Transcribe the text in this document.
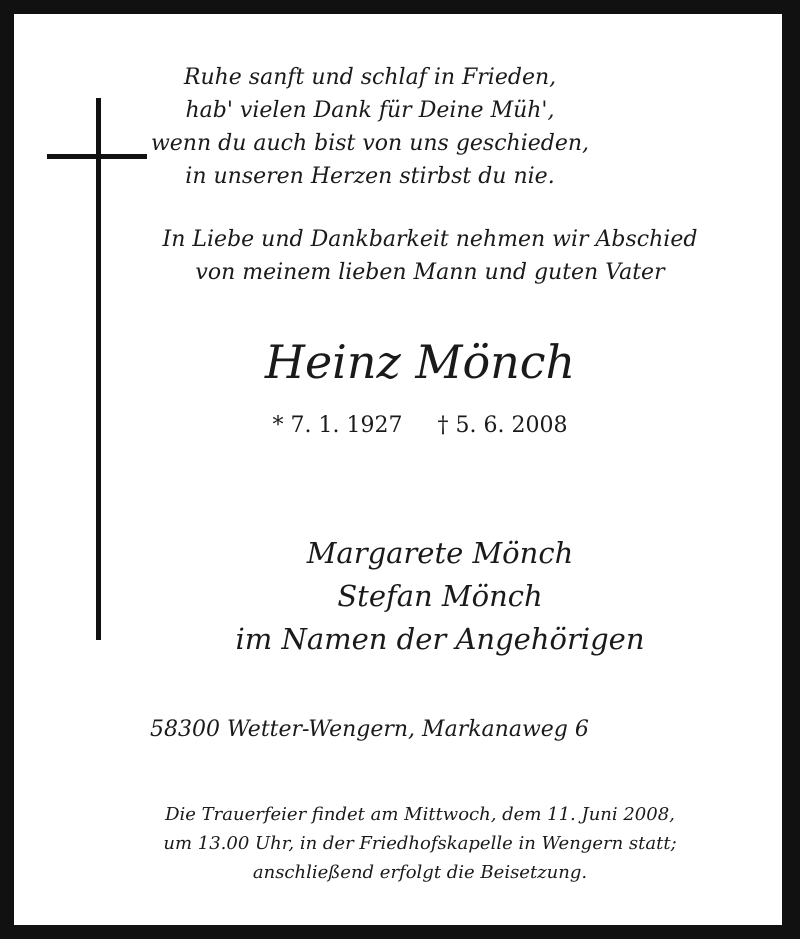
Ruhe sanft und schlaf in Frieden,
hab' vielen Dank für Deine Müh',
wenn du auch bist von uns geschieden,
in unseren Herzen stirbst du nie.
In Liebe und Dankbarkeit nehmen wir Abschied
von meinem lieben Mann und guten Vater
Heinz Mönch
* 7. 1. 1927 † 5. 6. 2008
Margarete Mönch
Stefan Mönch
im Namen der Angehörigen
58300 Wetter-Wengern, Markanaweg 6
Die Trauerfeier findet am Mittwoch, dem 11. Juni 2008,
um 13.00 Uhr, in der Friedhofskapelle in Wengern statt;
anschließend erfolgt die Beisetzung.
